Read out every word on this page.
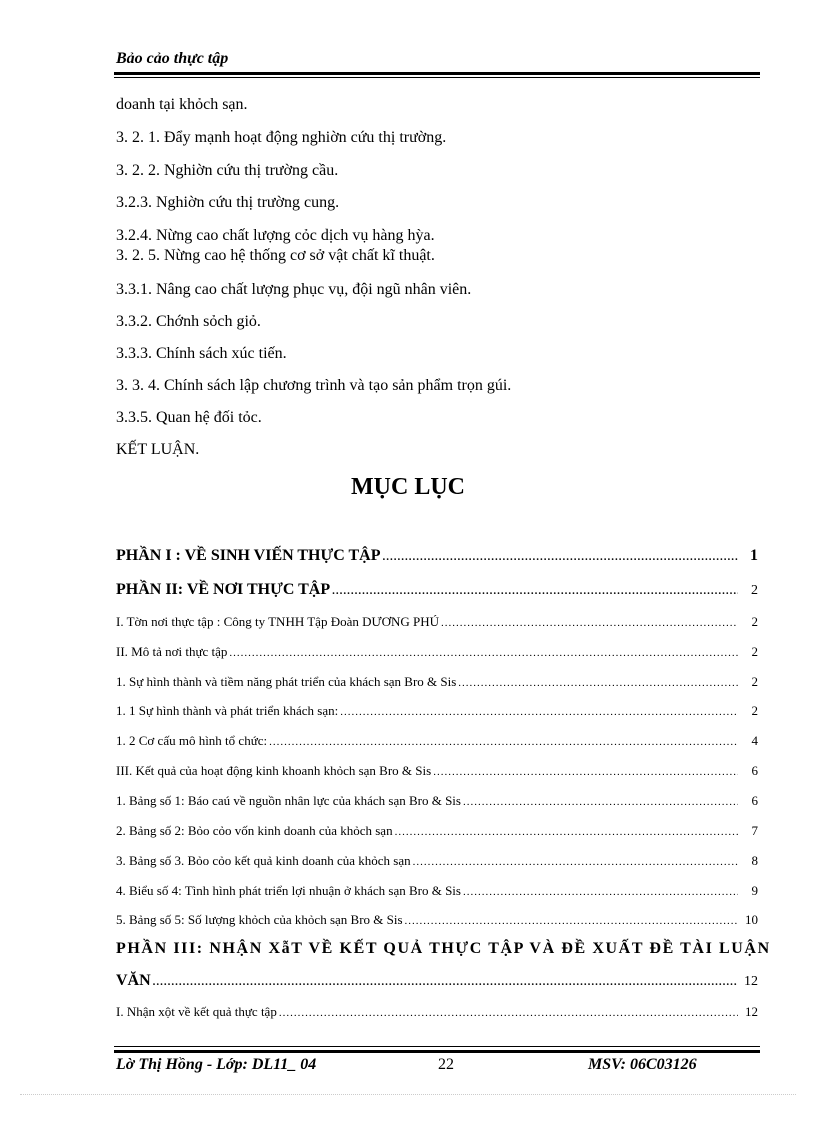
Bảo cảo thực tập
doanh tại khỏch sạn.
3. 2. 1. Đẩy mạnh hoạt động nghiờn cứu thị trường.
3. 2. 2. Nghiờn cứu thị trường cầu.
3.2.3. Nghiờn cứu thị trường cung.
3.2.4. Nừng cao chất lượng cỏc dịch vụ hàng hỳa.
3. 2. 5. Nừng cao hệ thống cơ sở vật chất kĩ thuật.
3.3.1. Nâng cao chất lượng phục vụ, đội ngũ nhân viên.
3.3.2. Chớnh sỏch giỏ.
3.3.3. Chính sách xúc tiến.
3. 3. 4. Chính sách lập chương trình và tạo sản phẩm trọn gúi.
3.3.5. Quan hệ đối tỏc.
KẾT LUẬN.
MỤC LỤC
PHẦN I : VỀ SINH VIẾN THỰC TẬP .....	1
PHẦN II: VỀ NƠI THỰC TẬP .....	2
I. Tờn nơi thực tập : Công ty TNHH Tập Đoàn DƯƠNG PHÚ .....	2
II. Mô tả nơi thực tập .....	2
1. Sự hình thành và tiềm năng phát triển của khách sạn Bro & Sis .....	2
1. 1 Sự hình thành và phát triển khách sạn: .....	2
1. 2 Cơ cấu mô hình tổ chức: .....	4
III. Kết quả của hoạt động kinh khoanh khỏch sạn Bro & Sis .....	6
1. Bảng số 1: Báo caú về nguồn nhân lực của khách sạn Bro & Sis .....	6
2. Bảng số 2: Bỏo cỏo vốn kinh doanh của khỏch sạn .....	7
3. Bảng số 3. Bỏo cỏo kết quả kinh doanh của khỏch sạn .....	8
4. Biểu số 4: Tình hình phát triển lợi nhuận ở khách sạn Bro & Sis .....	9
5. Bảng số 5: Số lượng khỏch của khỏch sạn Bro & Sis .....	10
PHẦN III: NHẬN XẫT VỀ KẾT QUẢ THỰC TẬP VÀ ĐỀ XUẤT ĐỀ TÀI LUẬN
VĂN .....	12
I. Nhận xột về kết quả thực tập .....	12
Lờ Thị Hồng - Lớp: DL11_ 04	22	MSV: 06C03126
